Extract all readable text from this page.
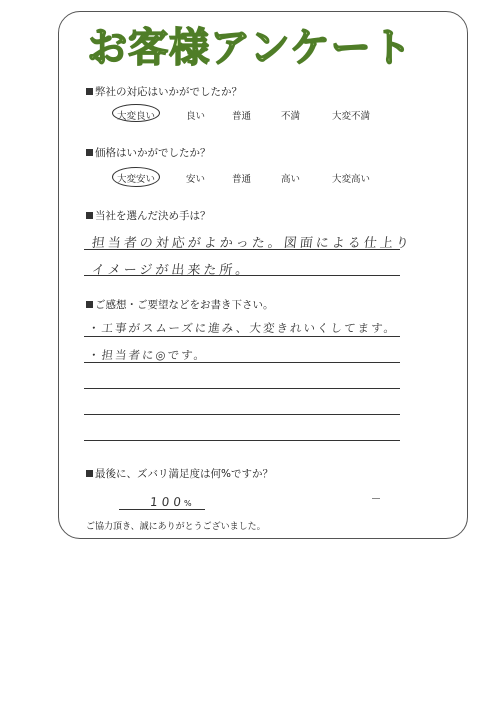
お客様アンケート
弊社の対応はいかがでしたか？
大変良い	良い	普通	不満	大変不満
価格はいかがでしたか？
大変安い	安い	普通	高い	大変高い
当社を選んだ決め手は？
担当者の対応がよかった。図面による仕上り
イメージが出来た所。
ご感想・ご要望などをお書き下さい。
・工事がスムーズに進み、大変きれいくしてます。
・担当者に◎です。
最後に、ズバリ満足度は何%ですか？
100
%
ご協力頂き、誠にありがとうございました。
